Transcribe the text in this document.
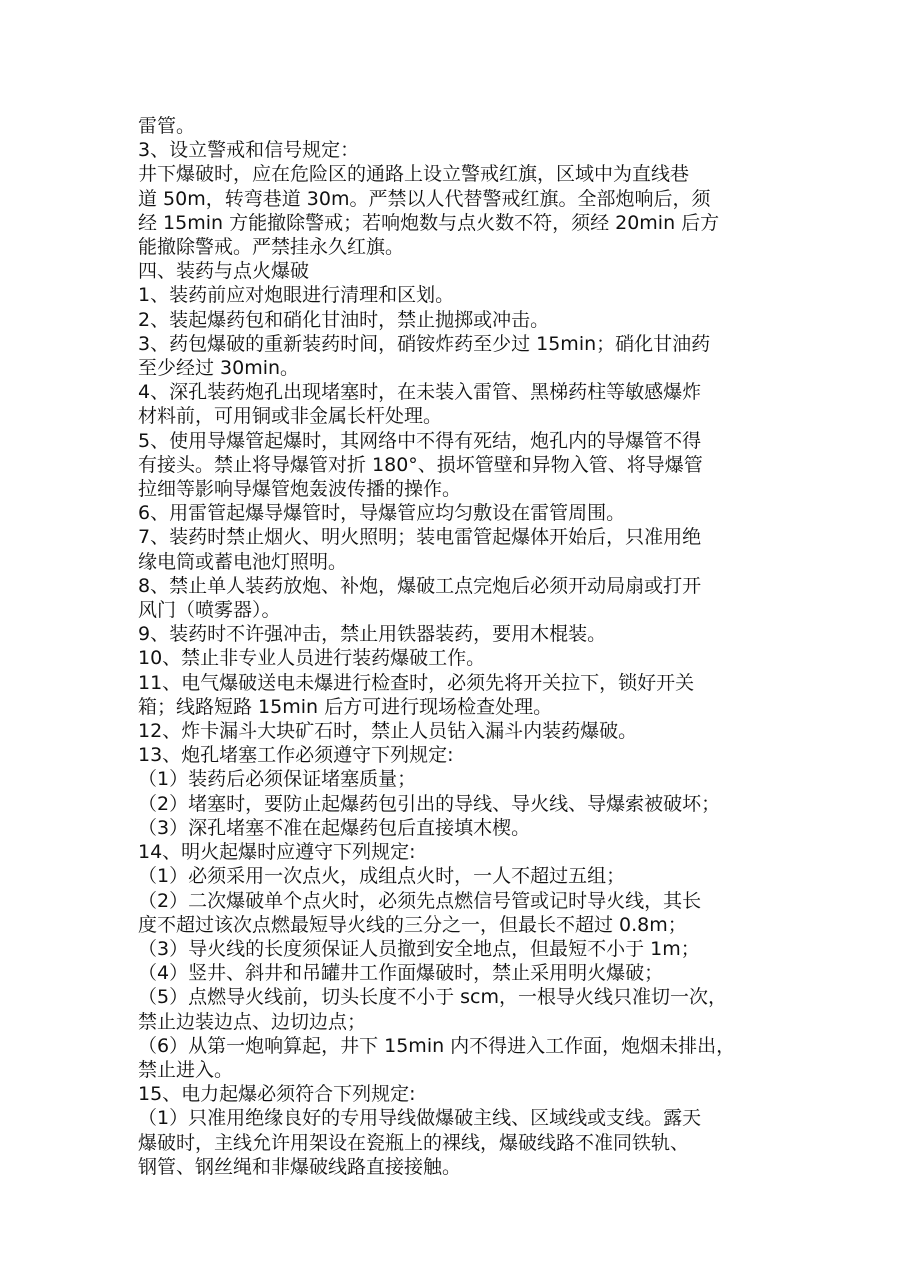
雷管。

3、设立警戒和信号规定：

井下爆破时，应在危险区的通路上设立警戒红旗，区域中为直线巷
道 50m，转弯巷道 30m。严禁以人代替警戒红旗。全部炮响后，须
经 15min 方能撤除警戒；若响炮数与点火数不符，须经 20min 后方
能撤除警戒。严禁挂永久红旗。

四、装药与点火爆破

1、装药前应对炮眼进行清理和区划。

2、装起爆药包和硝化甘油时，禁止抛掷或冲击。

3、药包爆破的重新装药时间，硝铵炸药至少过 15min；硝化甘油药
至少经过 30min。

4、深孔装药炮孔出现堵塞时，在未装入雷管、黑梯药柱等敏感爆炸
材料前，可用铜或非金属长杆处理。

5、使用导爆管起爆时，其网络中不得有死结，炮孔内的导爆管不得
有接头。禁止将导爆管对折 180°、损坏管壁和异物入管、将导爆管
拉细等影响导爆管炮轰波传播的操作。

6、用雷管起爆导爆管时，导爆管应均匀敷设在雷管周围。

7、装药时禁止烟火、明火照明；装电雷管起爆体开始后，只准用绝
缘电筒或蓄电池灯照明。

8、禁止单人装药放炮、补炮，爆破工点完炮后必须开动局扇或打开
风门（喷雾器）。

9、装药时不许强冲击，禁止用铁器装药，要用木棍装。

10、禁止非专业人员进行装药爆破工作。

11、电气爆破送电未爆进行检查时，必须先将开关拉下，锁好开关
箱；线路短路 15min 后方可进行现场检查处理。

12、炸卡漏斗大块矿石时，禁止人员钻入漏斗内装药爆破。

13、炮孔堵塞工作必须遵守下列规定:

（1）装药后必须保证堵塞质量；

（2）堵塞时，要防止起爆药包引出的导线、导火线、导爆索被破坏；

（3）深孔堵塞不准在起爆药包后直接填木楔。

14、明火起爆时应遵守下列规定:

（1）必须采用一次点火，成组点火时，一人不超过五组；

（2）二次爆破单个点火时，必须先点燃信号管或记时导火线，其长
度不超过该次点燃最短导火线的三分之一，但最长不超过 0.8m；

（3）导火线的长度须保证人员撤到安全地点，但最短不小于 1m；

（4）竖井、斜井和吊罐井工作面爆破时，禁止采用明火爆破；

（5）点燃导火线前，切头长度不小于 scm，一根导火线只准切一次，
禁止边装边点、边切边点；

（6）从第一炮响算起，井下 15min 内不得进入工作面，炮烟未排出，
禁止进入。

15、电力起爆必须符合下列规定:

（1）只准用绝缘良好的专用导线做爆破主线、区域线或支线。露天
爆破时，主线允许用架设在瓷瓶上的裸线，爆破线路不准同铁轨、
钢管、钢丝绳和非爆破线路直接接触。
